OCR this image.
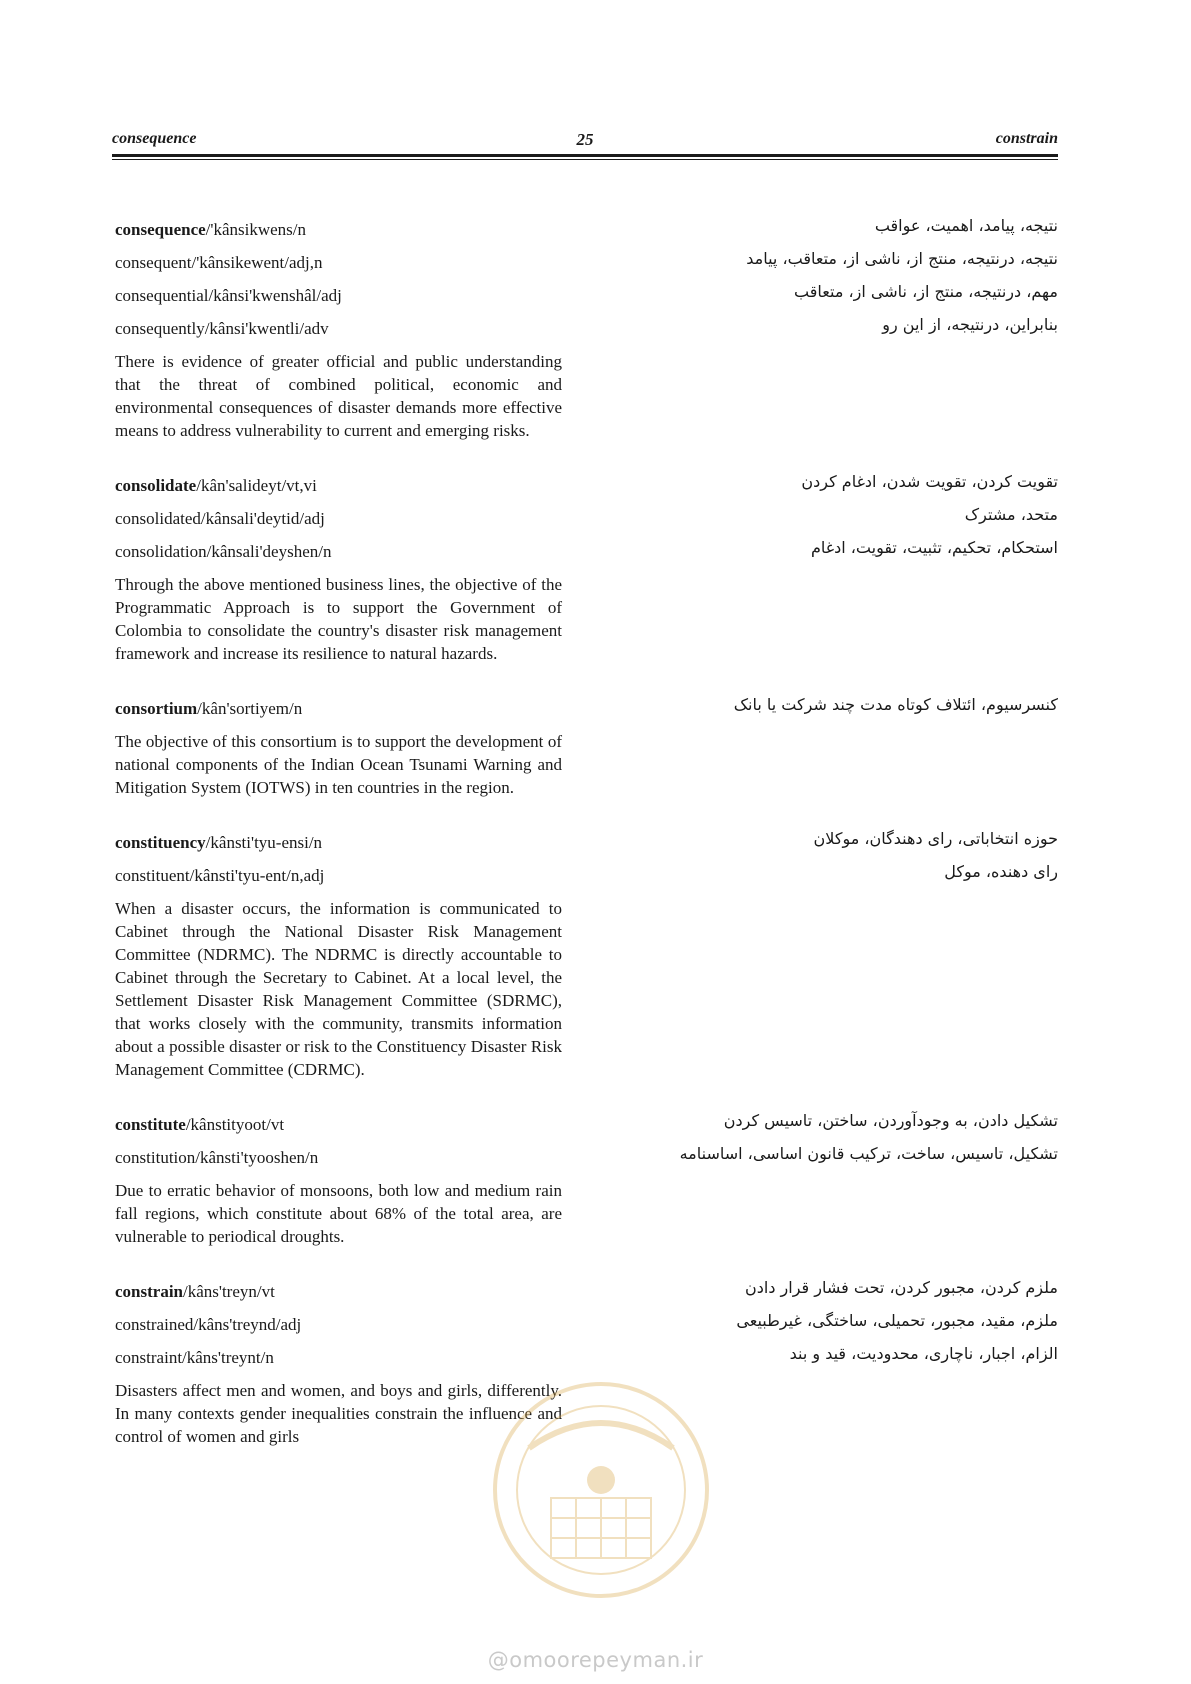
consequence	25	constrain
consequence/'kânsikwens/n	نتیجه، پیامد، اهمیت، عواقب
consequent/'kânsikewent/adj,n	نتیجه، درنتیجه، منتج از، ناشی از، متعاقب، پیامد
consequential/kânsi'kwenshâl/adj	مهم، درنتیجه، منتج از، ناشی از، متعاقب
consequently/kânsi'kwentli/adv	بنابراین، درنتیجه، از این رو
There is evidence of greater official and public understanding that the threat of combined political, economic and environmental consequences of disaster demands more effective means to address vulnerability to current and emerging risks.
consolidate/kân'salideyt/vt,vi	تقویت کردن، تقویت شدن، ادغام کردن
consolidated/kânsali'deytid/adj	متحد، مشترک
consolidation/kânsali'deyshen/n	استحکام، تحکیم، تثبیت، تقویت، ادغام
Through the above mentioned business lines, the objective of the Programmatic Approach is to support the Government of Colombia to consolidate the country's disaster risk management framework and increase its resilience to natural hazards.
consortium/kân'sortiyem/n	کنسرسیوم، ائتلاف کوتاه مدت چند شرکت یا بانک
The objective of this consortium is to support the development of national components of the Indian Ocean Tsunami Warning and Mitigation System (IOTWS) in ten countries in the region.
constituency/kânsti'tyu-ensi/n	حوزه انتخاباتی، رای دهندگان، موکلان
constituent/kânsti'tyu-ent/n,adj	رای دهنده، موکل
When a disaster occurs, the information is communicated to Cabinet through the National Disaster Risk Management Committee (NDRMC). The NDRMC is directly accountable to Cabinet through the Secretary to Cabinet. At a local level, the Settlement Disaster Risk Management Committee (SDRMC), that works closely with the community, transmits information about a possible disaster or risk to the Constituency Disaster Risk Management Committee (CDRMC).
constitute/kânstityoot/vt	تشکیل دادن، به وجودآوردن، ساختن، تاسیس کردن
constitution/kânsti'tyooshen/n	تشکیل، تاسیس، ساخت، ترکیب قانون اساسی، اساسنامه
Due to erratic behavior of monsoons, both low and medium rain fall regions, which constitute about 68% of the total area, are vulnerable to periodical droughts.
constrain/kâns'treyn/vt	ملزم کردن، مجبور کردن، تحت فشار قرار دادن
constrained/kâns'treynd/adj	ملزم، مقید، مجبور، تحمیلی، ساختگی، غیرطبیعی
constraint/kâns'treynt/n	الزام، اجبار، ناچاری، محدودیت، قید و بند
Disasters affect men and women, and boys and girls, differently. In many contexts gender inequalities constrain the influence and control of women and girls
@omoorepeyman.ir
